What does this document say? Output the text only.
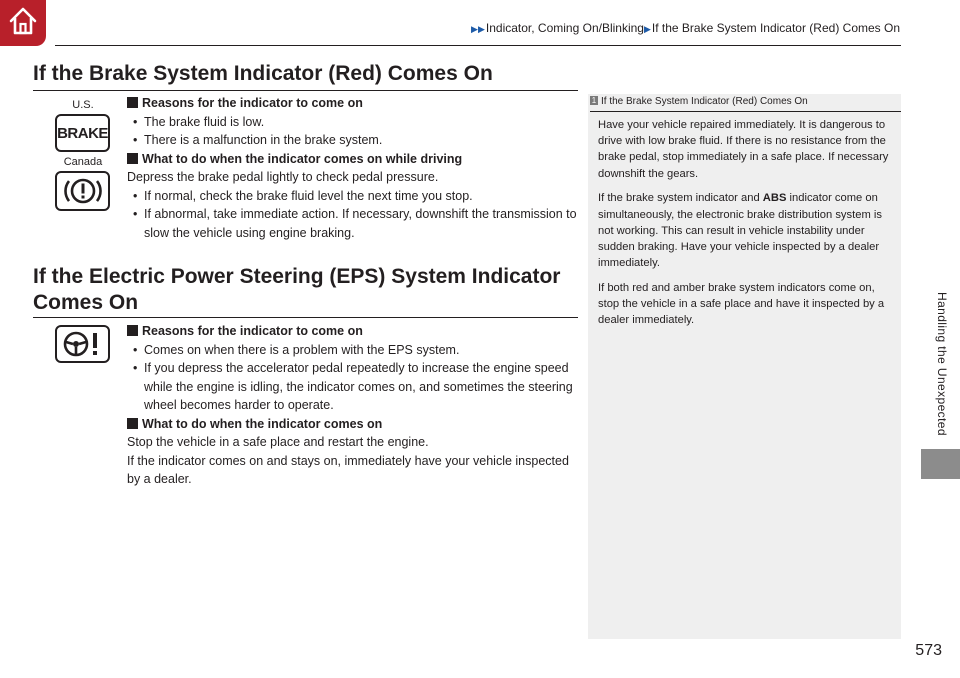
▶▶Indicator, Coming On/Blinking▶If the Brake System Indicator (Red) Comes On
Handling the Unexpected
If the Brake System Indicator (Red) Comes On
U.S.
BRAKE
Canada

Reasons for the indicator to come on

• The brake fluid is low.

• There is a malfunction in the brake system.

What to do when the indicator comes on while driving

Depress the brake pedal lightly to check pedal pressure.

• If normal, check the brake fluid level the next time you stop.

• If abnormal, take immediate action. If necessary, downshift the transmission to slow the vehicle using engine braking.

If the Electric Power Steering (EPS) System Indicator
Comes On

Reasons for the indicator to come on

• Comes on when there is a problem with the EPS system.

• If you depress the accelerator pedal repeatedly to increase the engine speed while the engine is idling, the indicator comes on, and sometimes the steering wheel becomes harder to operate.

What to do when the indicator comes on

Stop the vehicle in a safe place and restart the engine.

If the indicator comes on and stays on, immediately have your vehicle inspected by a dealer.

1 If the Brake System Indicator (Red) Comes On

Have your vehicle repaired immediately. It is dangerous to drive with low brake fluid. If there is no resistance from the brake pedal, stop immediately in a safe place. If necessary downshift the gears.

If the brake system indicator and ABS indicator come on simultaneously, the electronic brake distribution system is not working. This can result in vehicle instability under sudden braking. Have your vehicle inspected by a dealer immediately.

If both red and amber brake system indicators come on, stop the vehicle in a safe place and have it inspected by a dealer immediately.

573
